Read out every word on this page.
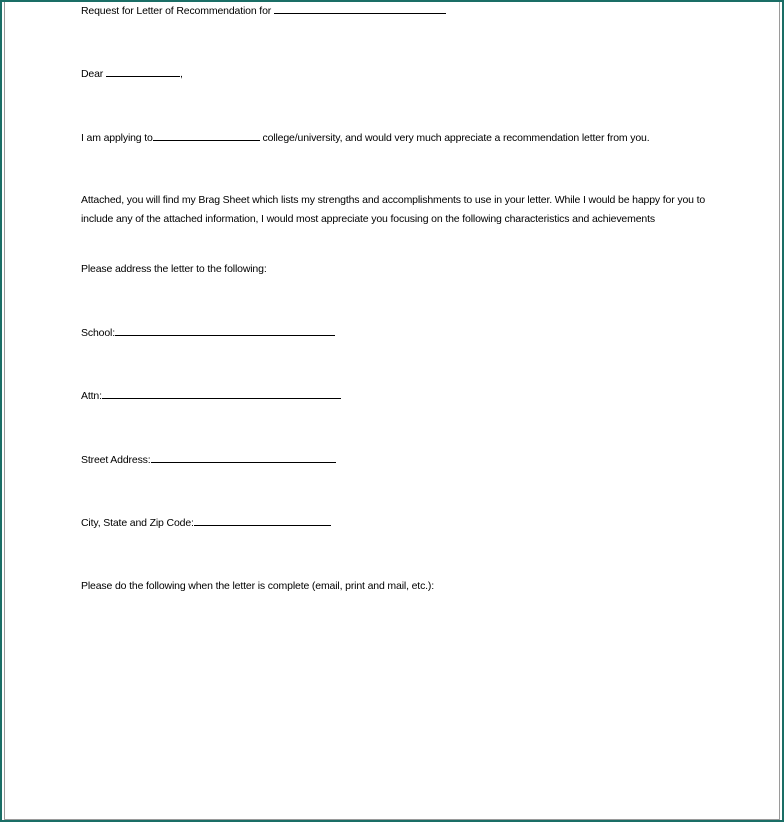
Request for Letter of Recommendation for

Dear	,

I am applying to	college/university, and would very much appreciate a recommendation letter from you.

Attached, you will find my Brag Sheet which lists my strengths and accomplishments to use in your letter. While I would be happy for you to include any of the attached information, I would most appreciate you focusing on the following characteristics and achievements

Please address the letter to the following:

School:

Attn:

Street Address:

City, State and Zip Code:

Please do the following when the letter is complete (email, print and mail, etc.):
